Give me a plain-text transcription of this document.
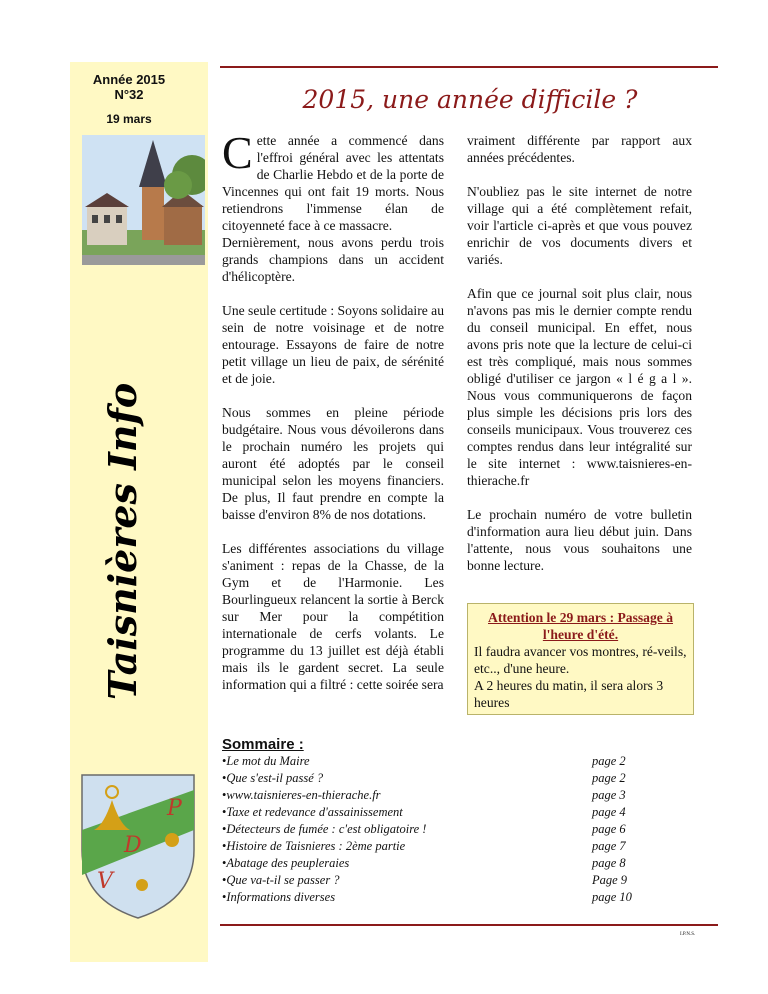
Année 2015
N°32
19 mars
Taisnières Info
P
D
V
2015, une année difficile ?

Cette année a commencé dans l'effroi général avec les attentats de Charlie Hebdo et de la porte de Vincennes qui ont fait 19 morts. Nous retiendrons l'immense élan de citoyenneté face à ce massacre.
Dernièrement, nous avons perdu trois grands champions dans un accident d'hélicoptère.

Une seule certitude : Soyons solidaire au sein de notre voisinage et de notre entourage. Essayons de faire de notre petit village un lieu de paix, de sérénité et de joie.

Nous sommes en pleine période budgétaire. Nous vous dévoilerons dans le prochain numéro les projets qui auront été adoptés par le conseil municipal selon les moyens financiers. De plus, Il faut prendre en compte la baisse d'environ 8% de nos dotations.

Les différentes associations du village s'animent : repas de la Chasse, de la Gym et de l'Harmonie. Les Bourlingueux relancent la sortie à Berck sur Mer pour la compétition internationale de cerfs volants. Le programme du 13 juillet est déjà établi mais ils le gardent secret. La seule information qui a filtré : cette soirée sera

vraiment différente par rapport aux années précédentes.

N'oubliez pas le site internet de notre village qui a été complètement refait, voir l'article ci-après et que vous pouvez enrichir de vos documents divers et variés.

Afin que ce journal soit plus clair, nous n'avons pas mis le dernier compte rendu du conseil municipal. En effet, nous avons pris note que la lecture de celui-ci est très compliqué, mais nous sommes obligé d'utiliser ce jargon « l é g a l ». Nous vous communiquerons de façon plus simple les décisions pris lors des conseils municipaux. Vous trouverez ces comptes rendus dans leur intégralité sur le site internet : www.taisnieres-en-thierache.fr

Le prochain numéro de votre bulletin d'information aura lieu début juin. Dans l'attente, nous vous souhaitons une bonne lecture.

Attention le 29 mars : Passage à l'heure d'été.
Il faudra avancer vos montres, ré-veils, etc.., d'une heure.
A 2 heures du matin, il sera alors 3 heures
Sommaire :
• Le mot du Maire	page 2
• Que s'est-il passé ?	page 2
• www.taisnieres-en-thierache.fr	page 3
• Taxe et redevance d'assainissement	page 4
• Détecteurs de fumée : c'est obligatoire !	page 6
• Histoire de Taisnieres : 2ème partie	page 7
• Abatage des peupleraies	page 8
• Que va-t-il se passer ?	Page 9
• Informations diverses	page 10
I.P.N.S.
